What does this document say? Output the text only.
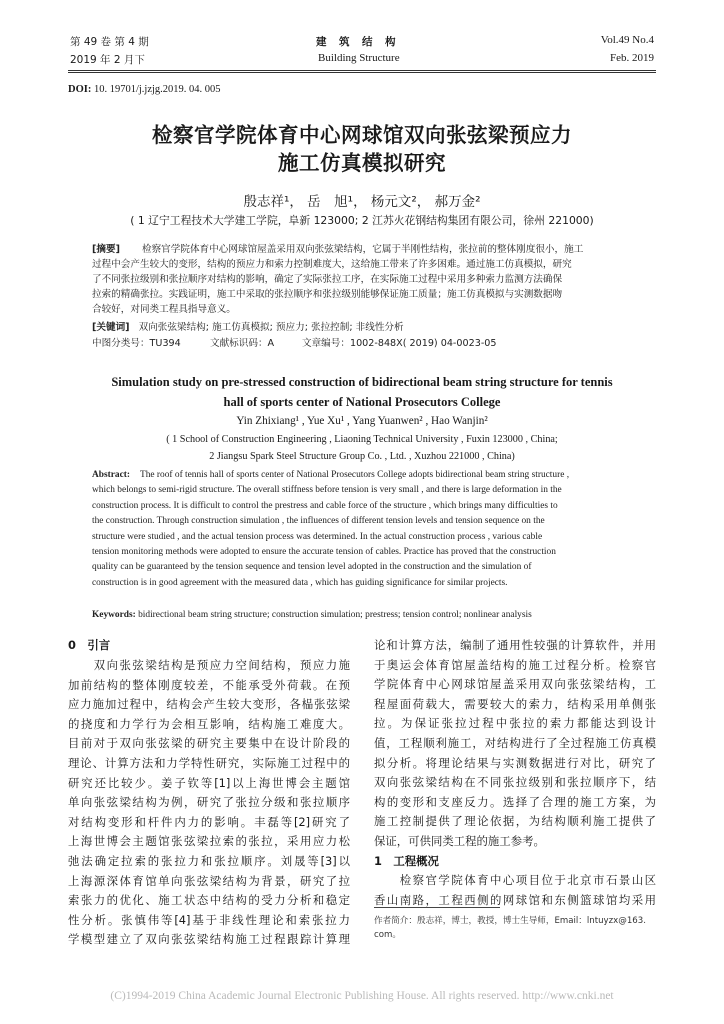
第 49 卷 第 4 期
2019 年 2 月下
建　筑　结　构
Building Structure
Vol.49 No.4
Feb. 2019
DOI: 10. 19701/j.jzjg.2019. 04. 005
检察官学院体育中心网球馆双向张弦梁预应力
施工仿真模拟研究
殷志祥¹， 岳　旭¹， 杨元文²， 郝万金²
( 1 辽宁工程技术大学建工学院，阜新 123000; 2 江苏火花钢结构集团有限公司，徐州 221000)
[摘要] 检察官学院体育中心网球馆屋盖采用双向张弦梁结构，它属于半刚性结构，张拉前的整体刚度很小，施工
过程中会产生较大的变形，结构的预应力和索力控制难度大，这给施工带来了许多困难。通过施工仿真模拟，研究
了不同张拉级别和张拉顺序对结构的影响，确定了实际张拉工序，在实际施工过程中采用多种索力监测方法确保
拉索的精确张拉。实践证明，施工中采取的张拉顺序和张拉级别能够保证施工质量；施工仿真模拟与实测数据吻
合较好，对同类工程具指导意义。
[关键词] 双向张弦梁结构; 施工仿真模拟; 预应力; 张拉控制; 非线性分析
中图分类号：TU394	文献标识码：A	文章编号：1002-848X( 2019) 04-0023-05
Simulation study on pre-stressed construction of bidirectional beam string structure for tennis
hall of sports center of National Prosecutors College
Yin Zhixiang¹ , Yue Xu¹ , Yang Yuanwen² , Hao Wanjin²
( 1 School of Construction Engineering , Liaoning Technical University , Fuxin 123000 , China;
2 Jiangsu Spark Steel Structure Group Co. , Ltd. , Xuzhou 221000 , China)
Abstract: The roof of tennis hall of sports center of National Prosecutors College adopts bidirectional beam string structure ,
which belongs to semi-rigid structure. The overall stiffness before tension is very small , and there is large deformation in the
construction process. It is difficult to control the prestress and cable force of the structure , which brings many difficulties to
the construction. Through construction simulation , the influences of different tension levels and tension sequence on the
structure were studied , and the actual tension process was determined. In the actual construction process , various cable
tension monitoring methods were adopted to ensure the accurate tension of cables. Practice has proved that the construction
quality can be guaranteed by the tension sequence and tension level adopted in the construction and the simulation of
construction is in good agreement with the measured data , which has guiding significance for similar projects.
Keywords: bidirectional beam string structure; construction simulation; prestress; tension control; nonlinear analysis
0　引言
　　双向张弦梁结构是预应力空间结构，预应力施
加前结构的整体刚度较差，不能承受外荷载。在预
应力施加过程中，结构会产生较大变形，各榀张弦梁
的挠度和力学行为会相互影响，结构施工难度大。
目前对于双向张弦梁的研究主要集中在设计阶段的
理论、计算方法和力学特性研究，实际施工过程中的
研究还比较少。姜子钦等[1]以上海世博会主题馆
单向张弦梁结构为例，研究了张拉分级和张拉顺序
对结构变形和杆件内力的影响。丰磊等[2]研究了
上海世博会主题馆张弦梁拉索的张拉，采用应力松
弛法确定拉索的张拉力和张拉顺序。刘晟等[3]以
上海源深体育馆单向张弦梁结构为背景，研究了拉
索张力的优化、施工状态中结构的受力分析和稳定
性分析。张慎伟等[4]基于非线性理论和索张拉力
学模型建立了双向张弦梁结构施工过程跟踪计算理
论和计算方法，编制了通用性较强的计算软件，并用
于奥运会体育馆屋盖结构的施工过程分析。检察官
学院体育中心网球馆屋盖采用双向张弦梁结构，工
程屋面荷载大，需要较大的索力，结构采用单侧张
拉。为保证张拉过程中张拉的索力都能达到设计
值，工程顺利施工，对结构进行了全过程施工仿真模
拟分析。将理论结果与实测数据进行对比，研究了
双向张弦梁结构在不同张拉级别和张拉顺序下，结
构的变形和支座反力。选择了合理的施工方案，为
施工控制提供了理论依据，为结构顺利施工提供了
保证，可供同类工程的施工参考。
1　工程概况
　　检察官学院体育中心项目位于北京市石景山区
香山南路，工程西侧的网球馆和东侧篮球馆均采用
作者简介：殷志祥，博士，教授，博士生导师，Email：lntuyzx@163.
com。
(C)1994-2019 China Academic Journal Electronic Publishing House. All rights reserved. http://www.cnki.net
